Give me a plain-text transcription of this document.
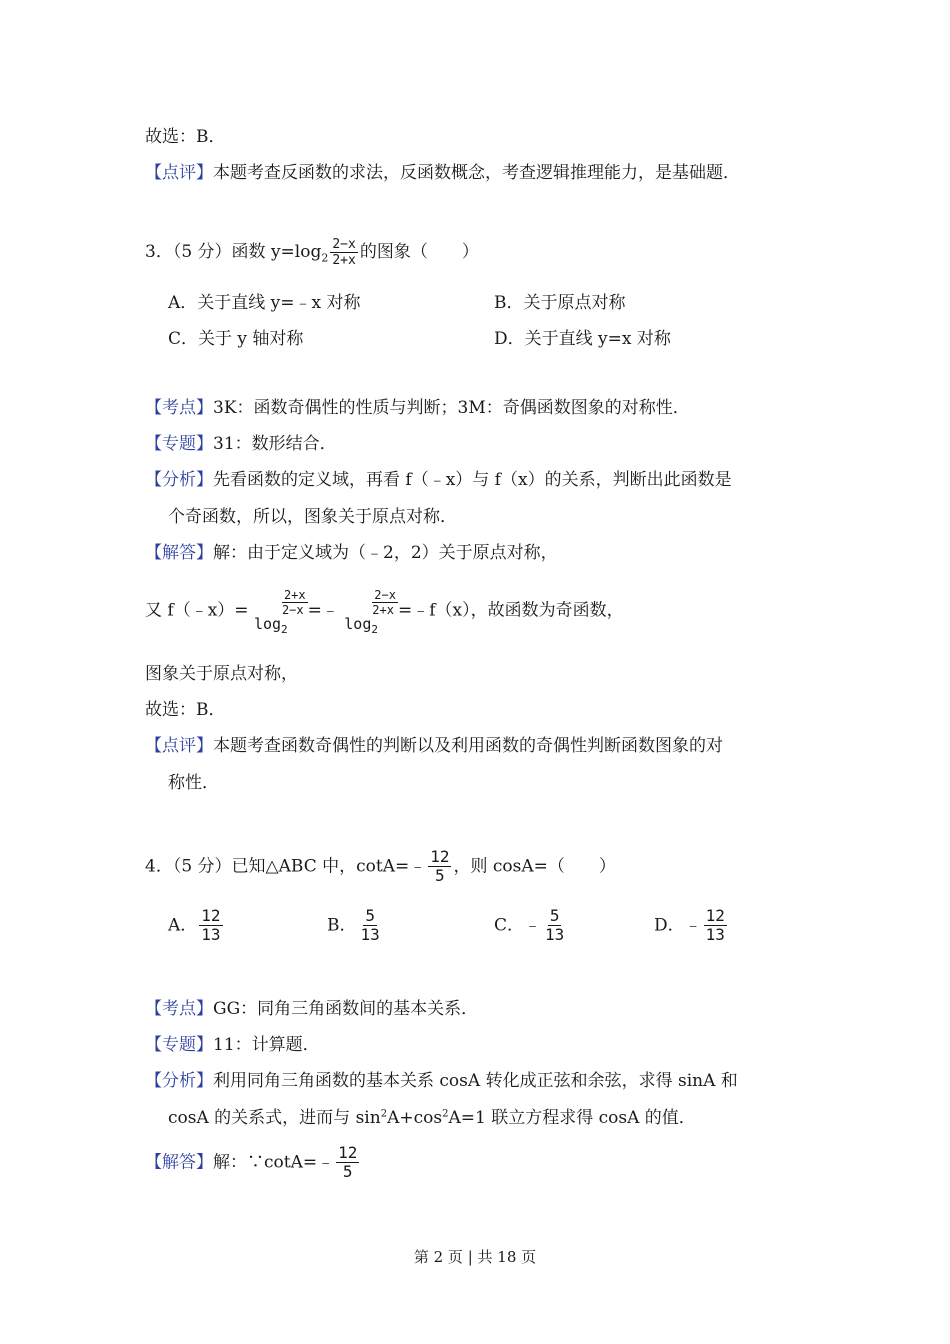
故选：B．
【点评】本题考查反函数的求法，反函数概念，考查逻辑推理能力，是基础题．
3．（5 分）函数 $y=\log_2 \frac{2-x}{2+x}$ 的图象（　　）
A．关于直线 y=﹣x 对称	B．关于原点对称
C．关于 y 轴对称	D．关于直线 y=x 对称
【考点】3K：函数奇偶性的性质与判断；3M：奇偶函数图象的对称性．
【专题】31：数形结合．
【分析】先看函数的定义域，再看 f（﹣x）与 f（x）的关系，判断出此函数是
个奇函数，所以，图象关于原点对称．
【解答】解：由于定义域为（﹣2，2）关于原点对称，
又 f（﹣x）=
2+x
2−x
$\log_2$
=﹣
2−x
2+x
$\log_2$
=﹣f（x），故函数为奇函数，
图象关于原点对称，
故选：B．
【点评】本题考查函数奇偶性的判断以及利用函数的奇偶性判断函数图象的对
称性．
4．（5 分）已知△ABC 中，cotA=﹣ $\frac{12}{5}$ ，则 cosA=（　　）
A． $\frac{12}{13}$	B． $\frac{5}{13}$	C．﹣ $\frac{5}{13}$	D．﹣ $\frac{12}{13}$
【考点】GG：同角三角函数间的基本关系．
【专题】11：计算题．
【分析】利用同角三角函数的基本关系 cosA 转化成正弦和余弦，求得 sinA 和
cosA 的关系式，进而与 $\sin^2A+\cos^2A=1$ 联立方程求得 cosA 的值．
【解答】解：∵cotA=﹣ $\frac{12}{5}$
第 2 页 | 共 18 页
